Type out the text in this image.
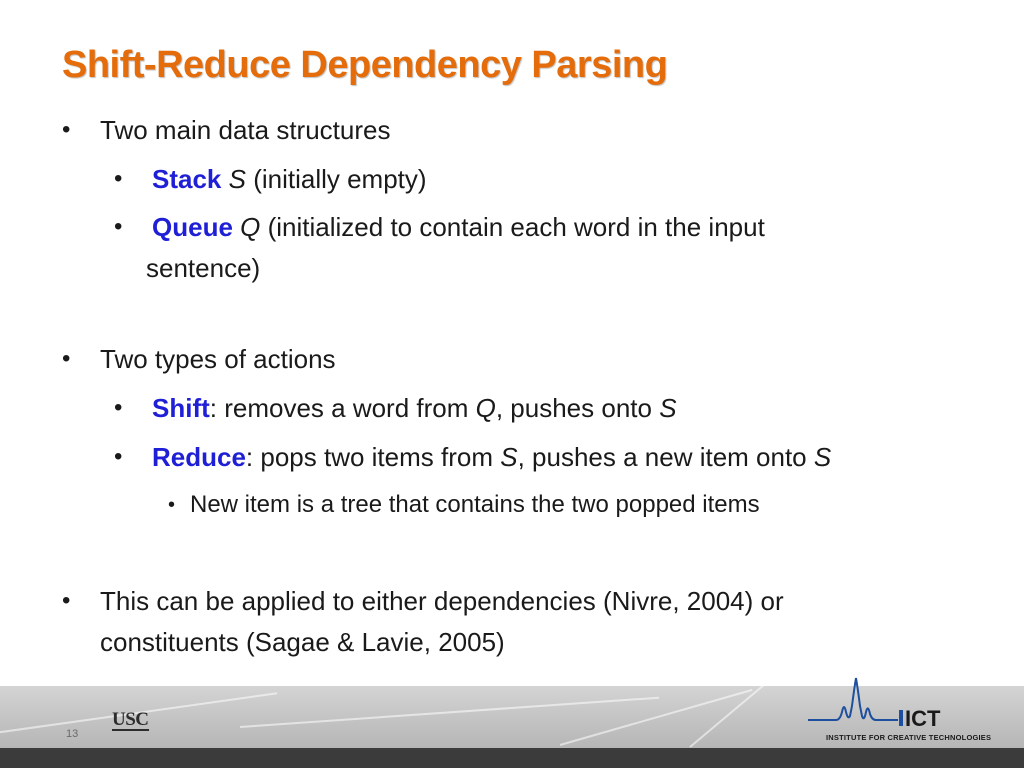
Shift-Reduce Dependency Parsing
• Two main data structures
• Stack S (initially empty)
• Queue Q (initialized to contain each word in the input
sentence)
• Two types of actions
• Shift: removes a word from Q, pushes onto S
• Reduce: pops two items from S, pushes a new item onto S
• New item is a tree that contains the two popped items
• This can be applied to either dependencies (Nivre, 2004) or
constituents (Sagae & Lavie, 2005)
13
USC	ICT
INSTITUTE FOR CREATIVE TECHNOLOGIES
